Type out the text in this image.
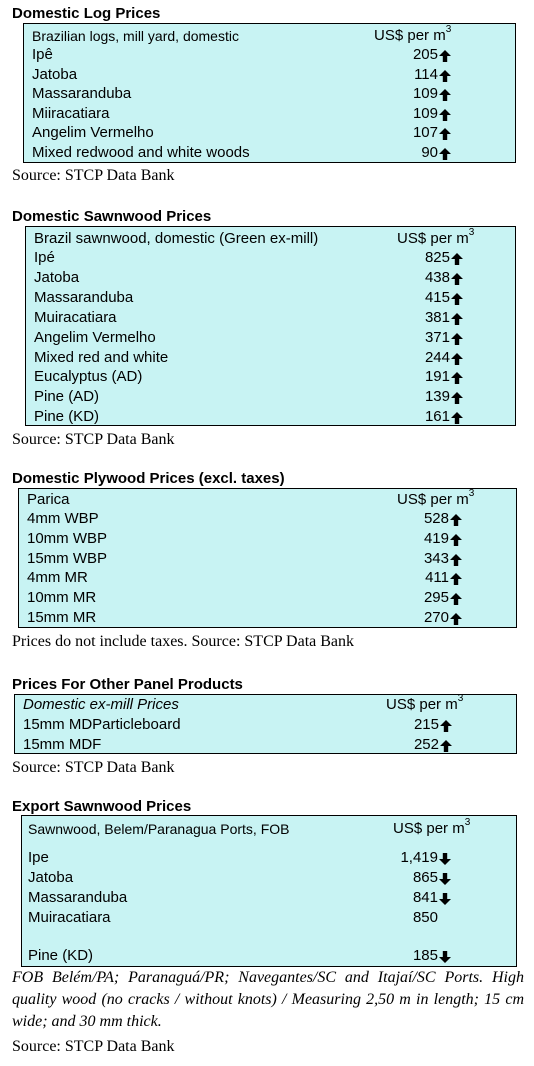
Domestic Log Prices
Brazilian logs, mill yard, domestic	US$ per $m^3$
Ipê	205
Jatoba	114
Massaranduba	109
Miiracatiara	109
Angelim Vermelho	107
Mixed redwood and white woods	90
Source: STCP Data Bank
Domestic Sawnwood Prices
Brazil sawnwood, domestic (Green ex-mill)	US$ per $m^3$
Ipé	825
Jatoba	438
Massaranduba	415
Muiracatiara	381
Angelim Vermelho	371
Mixed red and white	244
Eucalyptus (AD)	191
Pine (AD)	139
Pine (KD)	161
Source: STCP Data Bank
Domestic Plywood Prices (excl. taxes)
Parica	US$ per $m^3$
4mm WBP	528
10mm WBP	419
15mm WBP	343
4mm MR	411
10mm MR	295
15mm MR	270
Prices do not include taxes. Source: STCP Data Bank
Prices For Other Panel Products
Domestic ex-mill Prices	US$ per $m^3$
15mm MDParticleboard	215
15mm MDF	252
Source: STCP Data Bank
Export Sawnwood Prices
Sawnwood, Belem/Paranagua Ports, FOB	US$ per $m^3$
Ipe	1,419
Jatoba	865
Massaranduba	841
Muiracatiara	850
Pine (KD)	185
FOB Belém/PA; Paranaguá/PR; Navegantes/SC and Itajaí/SC Ports. High quality wood (no cracks / without knots) / Measuring 2,50 m in length; 15 cm wide; and 30 mm thick.
Source: STCP Data Bank
